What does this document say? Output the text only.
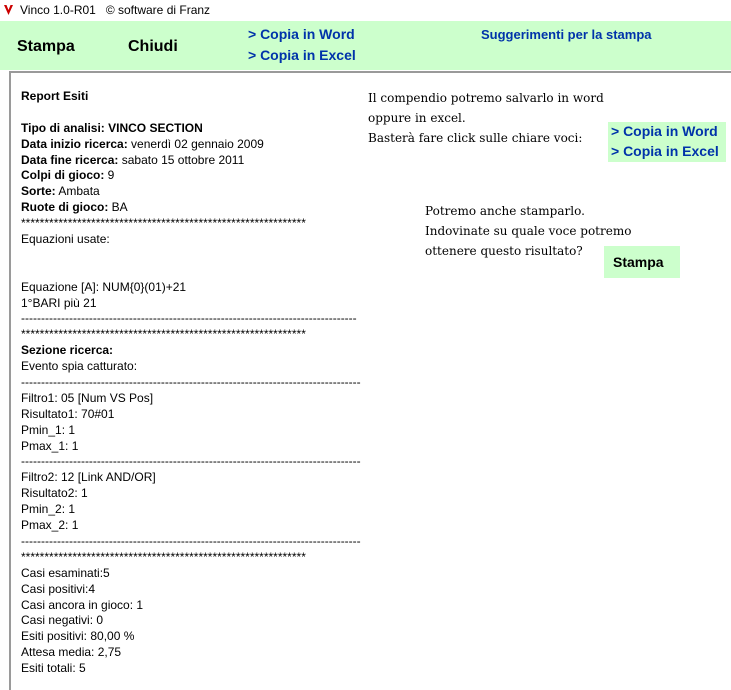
Vinco 1.0-R01   © software di Franz
Stampa	Chiudi
> Copia in Word
> Copia in Excel
Suggerimenti per la stampa
Report Esiti
Tipo di analisi: VINCO SECTION
Data inizio ricerca: venerdì 02 gennaio 2009
Data fine ricerca: sabato 15 ottobre 2011
Colpi di gioco: 9
Sorte: Ambata
Ruote di gioco: BA
*************************************************************
Equazioni usate:
Equazione [A]: NUM{0}(01)+21
1°BARI più 21
------------------------------------------------------------------------------------
*************************************************************
Sezione ricerca:
Evento spia catturato:
-------------------------------------------------------------------------------------
Filtro1: 05 [Num VS Pos]
Risultato1: 70#01
Pmin_1: 1
Pmax_1: 1
-------------------------------------------------------------------------------------
Filtro2: 12 [Link AND/OR]
Risultato2: 1
Pmin_2: 1
Pmax_2: 1
-------------------------------------------------------------------------------------
*************************************************************
Casi esaminati:5
Casi positivi:4
Casi ancora in gioco: 1
Casi negativi: 0
Esiti positivi: 80,00 %
Attesa media: 2,75
Esiti totali: 5
Il compendio potremo salvarlo in word
oppure in excel.
Basterà fare click sulle chiare voci:	> Copia in Word
> Copia in Excel
Potremo anche stamparlo.
Indovinate su quale voce potremo
ottenere questo risultato?
Stampa
